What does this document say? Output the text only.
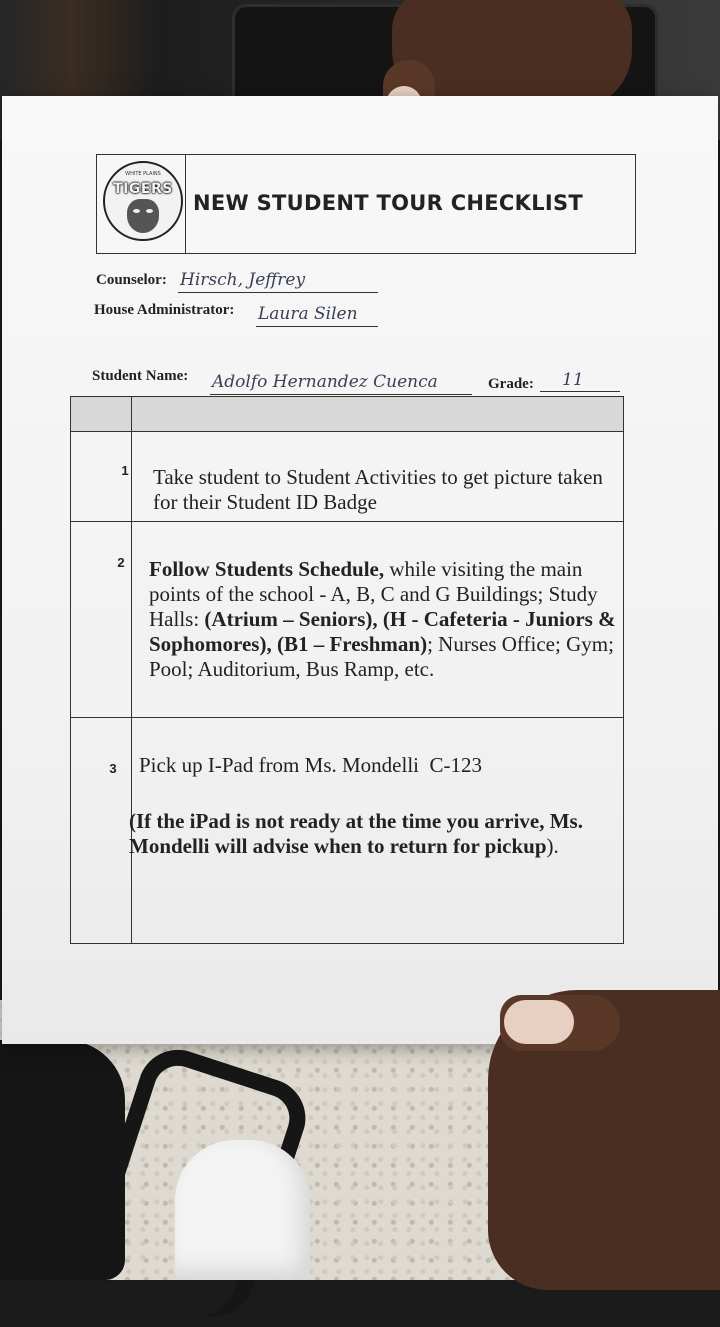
WHITE PLAINS
TIGERS
NEW STUDENT TOUR CHECKLIST
Counselor: Hirsch, Jeffrey
House Administrator: Laura Silen
Student Name: Adolfo Hernandez Cuenca	Grade: 11
1	Take student to Student Activities to get picture taken for their Student ID Badge
2	Follow Students Schedule, while visiting the main points of the school - A, B, C and G Buildings; Study Halls: (Atrium – Seniors), (H - Cafeteria - Juniors & Sophomores), (B1 – Freshman); Nurses Office; Gym; Pool; Auditorium, Bus Ramp, etc.
3	Pick up I-Pad from Ms. Mondelli  C-123
(If the iPad is not ready at the time you arrive, Ms. Mondelli will advise when to return for pickup).
